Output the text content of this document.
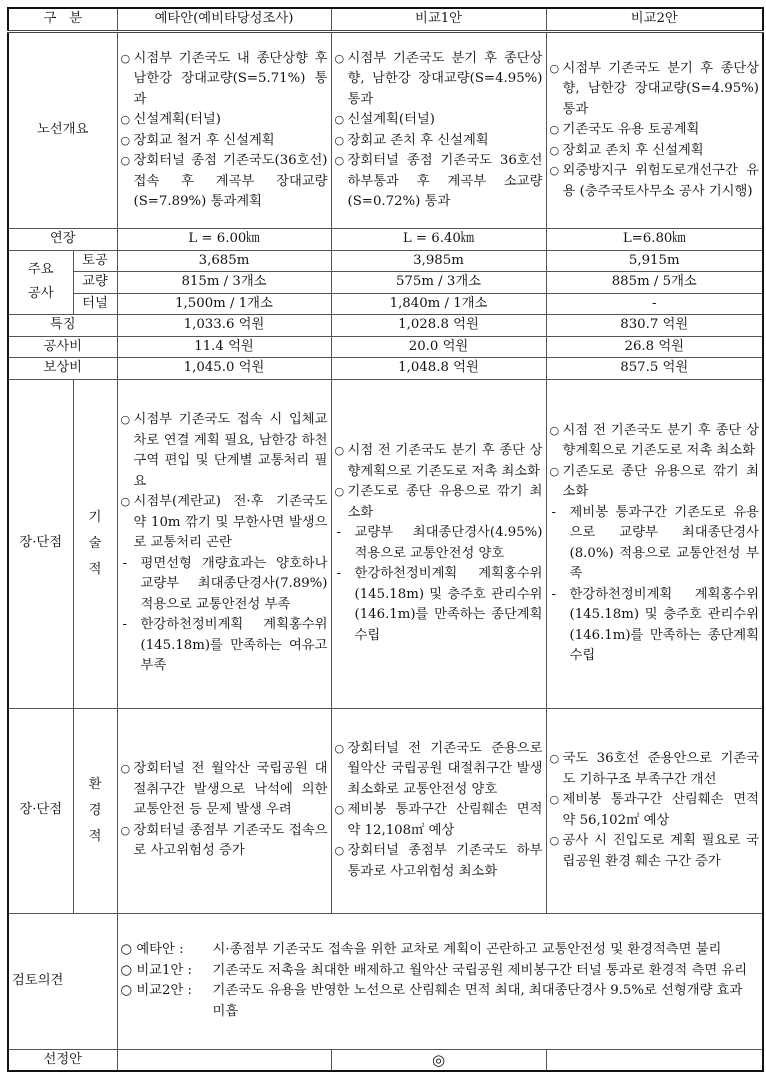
구   분		예타안(예비타당성조사)	비교1안	비교2안
노선개요		○ 시점부 기존국도 내 종단상향 후 남한강 장대교량(S=5.71%) 통과
○ 신설계획(터널)
○ 장회교 철거 후 신설계획
○ 장회터널 종점 기존국도(36호선) 접속 후 계곡부 장대교량(S=7.89%) 통과계획	○ 시점부 기존국도 분기 후 종단상향, 남한강 장대교량(S=4.95%) 통과
○ 신설계획(터널)
○ 장회교 존치 후 신설계획
○ 장회터널 종점 기존국도 36호선 하부통과 후 계곡부 소교량(S=0.72%) 통과	○ 시점부 기존국도 분기 후 종단상향, 남한강 장대교량(S=4.95%) 통과
○ 기존국도 유용 토공계획
○ 장회교 존치 후 신설계획
○ 외중방지구 위험도로개선구간 유용 (충주국토사무소 공사 기시행)

연장		L = 6.00㎞	L = 6.40㎞	L=6.80㎞
주요
공사	토공	3,685m	3,985m	5,915m
	교량	815m / 3개소	575m / 3개소	885m / 5개소
	터널	1,500m / 1개소	1,840m / 1개소	-
특징		1,033.6 억원	1,028.8 억원	830.7 억원
공사비		11.4 억원	20.0 억원	26.8 억원
보상비		1,045.0 억원	1,048.8 억원	857.5 억원
장·단점	기
술
적	○ 시점부 기존국도 접속 시 입체교차로 연결 계획 필요, 남한강 하천구역 편입 및 단계별 교통처리 필요
○ 시점부(계란교) 전·후 기존국도 약 10m 깎기 및 무한사면 발생으로 교통처리 곤란
- 평면선형 개량효과는 양호하나 교량부 최대종단경사(7.89%) 적용으로 교통안전성 부족
- 한강하천정비계획 계획홍수위(145.18m)를 만족하는 여유고 부족	○ 시점 전 기존국도 분기 후 종단 상향계획으로 기존도로 저촉 최소화
○ 기존도로 종단 유용으로 깎기 최소화
- 교량부 최대종단경사(4.95%) 적용으로 교통안전성 양호
- 한강하천정비계획 계획홍수위(145.18m) 및 충주호 관리수위(146.1m)를 만족하는 종단계획수립	○ 시점 전 기존국도 분기 후 종단 상향계획으로 기존도로 저촉 최소화
○ 기존도로 종단 유용으로 깎기 최소화
- 제비봉 통과구간 기존도로 유용으로 교량부 최대종단경사(8.0%) 적용으로 교통안전성 부족
- 한강하천정비계획 계획홍수위(145.18m) 및 충주호 관리수위(146.1m)를 만족하는 종단계획수립

장·단점	환
경
적	○ 장회터널 전 월악산 국립공원 대절취구간 발생으로 낙석에 의한 교통안전 등 문제 발생 우려
○ 장회터널 종점부 기존국도 접속으로 사고위험성 증가	○ 장회터널 전 기존국도 준용으로 월악산 국립공원 대절취구간 발생 최소화로 교통안전성 양호
○ 제비봉 통과구간 산림훼손 면적 약 12,108㎡ 예상
○ 장회터널 종점부 기존국도 하부 통과로 사고위험성 최소화	○ 국도 36호선 준용안으로 기존국도 기하구조 부족구간 개선
○ 제비봉 통과구간 산림훼손 면적 약 56,102㎡ 예상
○ 공사 시 진입도로 계획 필요로 국립공원 환경 훼손 구간 증가

검토의견		○ 예타안 :시·종점부 기존국도 접속을 위한 교차로 계획이 곤란하고 교통안전성 및 환경적측면 불리
○ 비교1안 :기존국도 저촉을 최대한 배제하고 월악산 국립공원 제비봉구간 터널 통과로 환경적 측면 유리
○ 비교2안 :기존국도 유용을 반영한 노선으로 산림훼손 면적 최대, 최대종단경사 9.5%로 선형개량 효과 미흡		

선정안			◎	
